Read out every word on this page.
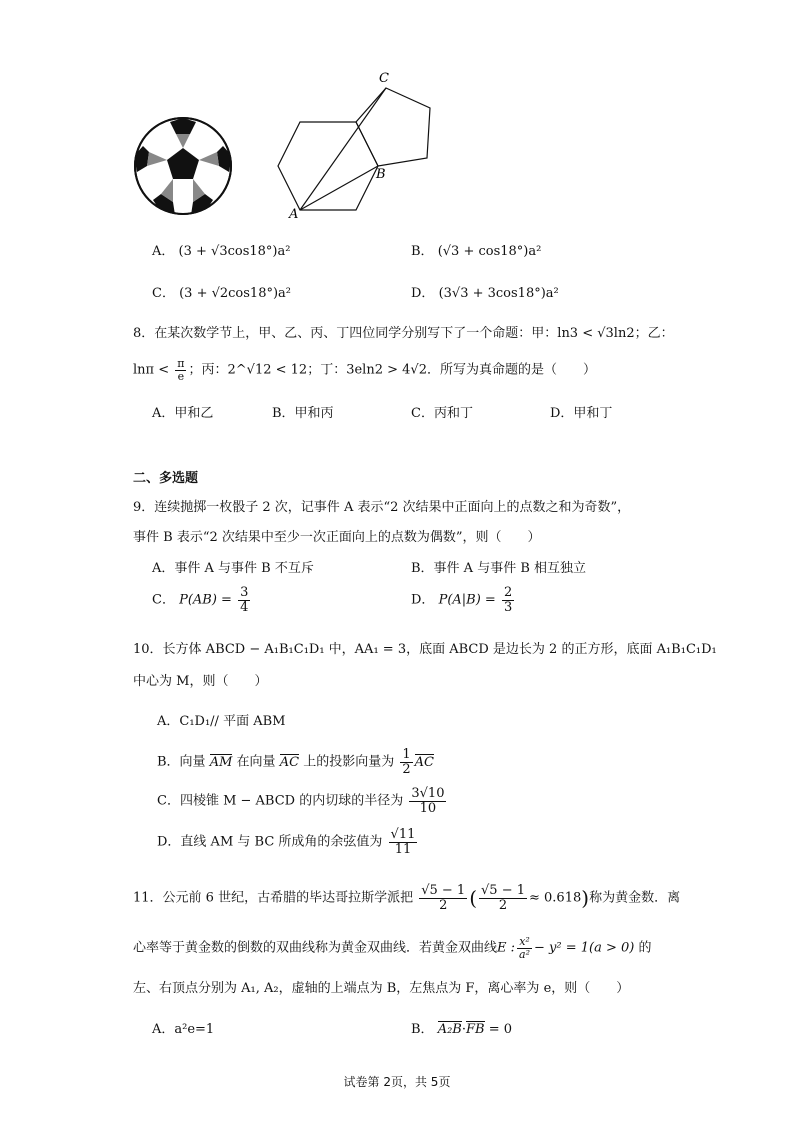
C
B
A
A． (3 + √3cos18°)a²	B． (√3 + cos18°)a²
C． (3 + √2cos18°)a²	D． (3√3 + 3cos18°)a²
8．在某次数学节上，甲、乙、丙、丁四位同学分别写下了一个命题：甲：ln3 < √3ln2；乙：
$\ln\pi < \frac{\pi}{e}$ ；丙：2^√12 < 12；丁：3eln2 > 4√2．所写为真命题的是（　　）
A．甲和乙	B．甲和丙	C．丙和丁	D．甲和丁
二、多选题
9．连续抛掷一枚骰子 2 次，记事件 A 表示“2 次结果中正面向上的点数之和为奇数”，
事件 B 表示“2 次结果中至少一次正面向上的点数为偶数”，则（　　）
A．事件 A 与事件 B 不互斥	B．事件 A 与事件 B 相互独立
C． $P(AB) = \frac{3}{4}$	D． $P(A|B) = \frac{2}{3}$
10．长方体 ABCD − A₁B₁C₁D₁ 中，AA₁ = 3，底面 ABCD 是边长为 2 的正方形，底面 A₁B₁C₁D₁
中心为 M，则（　　）
A．C₁D₁// 平面 ABM
B．向量 AM 在向量 AC 上的投影向量为 $\frac{1}{2}$ AC
C．四棱锥 M − ABCD 的内切球的半径为 $\frac{3√10}{10}$
D．直线 AM 与 BC 所成角的余弦值为 $\frac{√11}{11}$
11．公元前 6 世纪，古希腊的毕达哥拉斯学派把 $\frac{√5 - 1}{2}$ ( $\frac{√5 - 1}{2} \approx 0.618$)称为黄金数．离
心率等于黄金数的倒数的双曲线称为黄金双曲线．若黄金双曲线E : $\frac{\text{x²}}{\text{a²}} - y^2 = 1(a > 0)$ 的
左、右顶点分别为 A₁, A₂，虚轴的上端点为 B，左焦点为 F，离心率为 e，则（　　）
A．a²e=1	B． A₂B·FB = 0
试卷第 2页，共 5页
